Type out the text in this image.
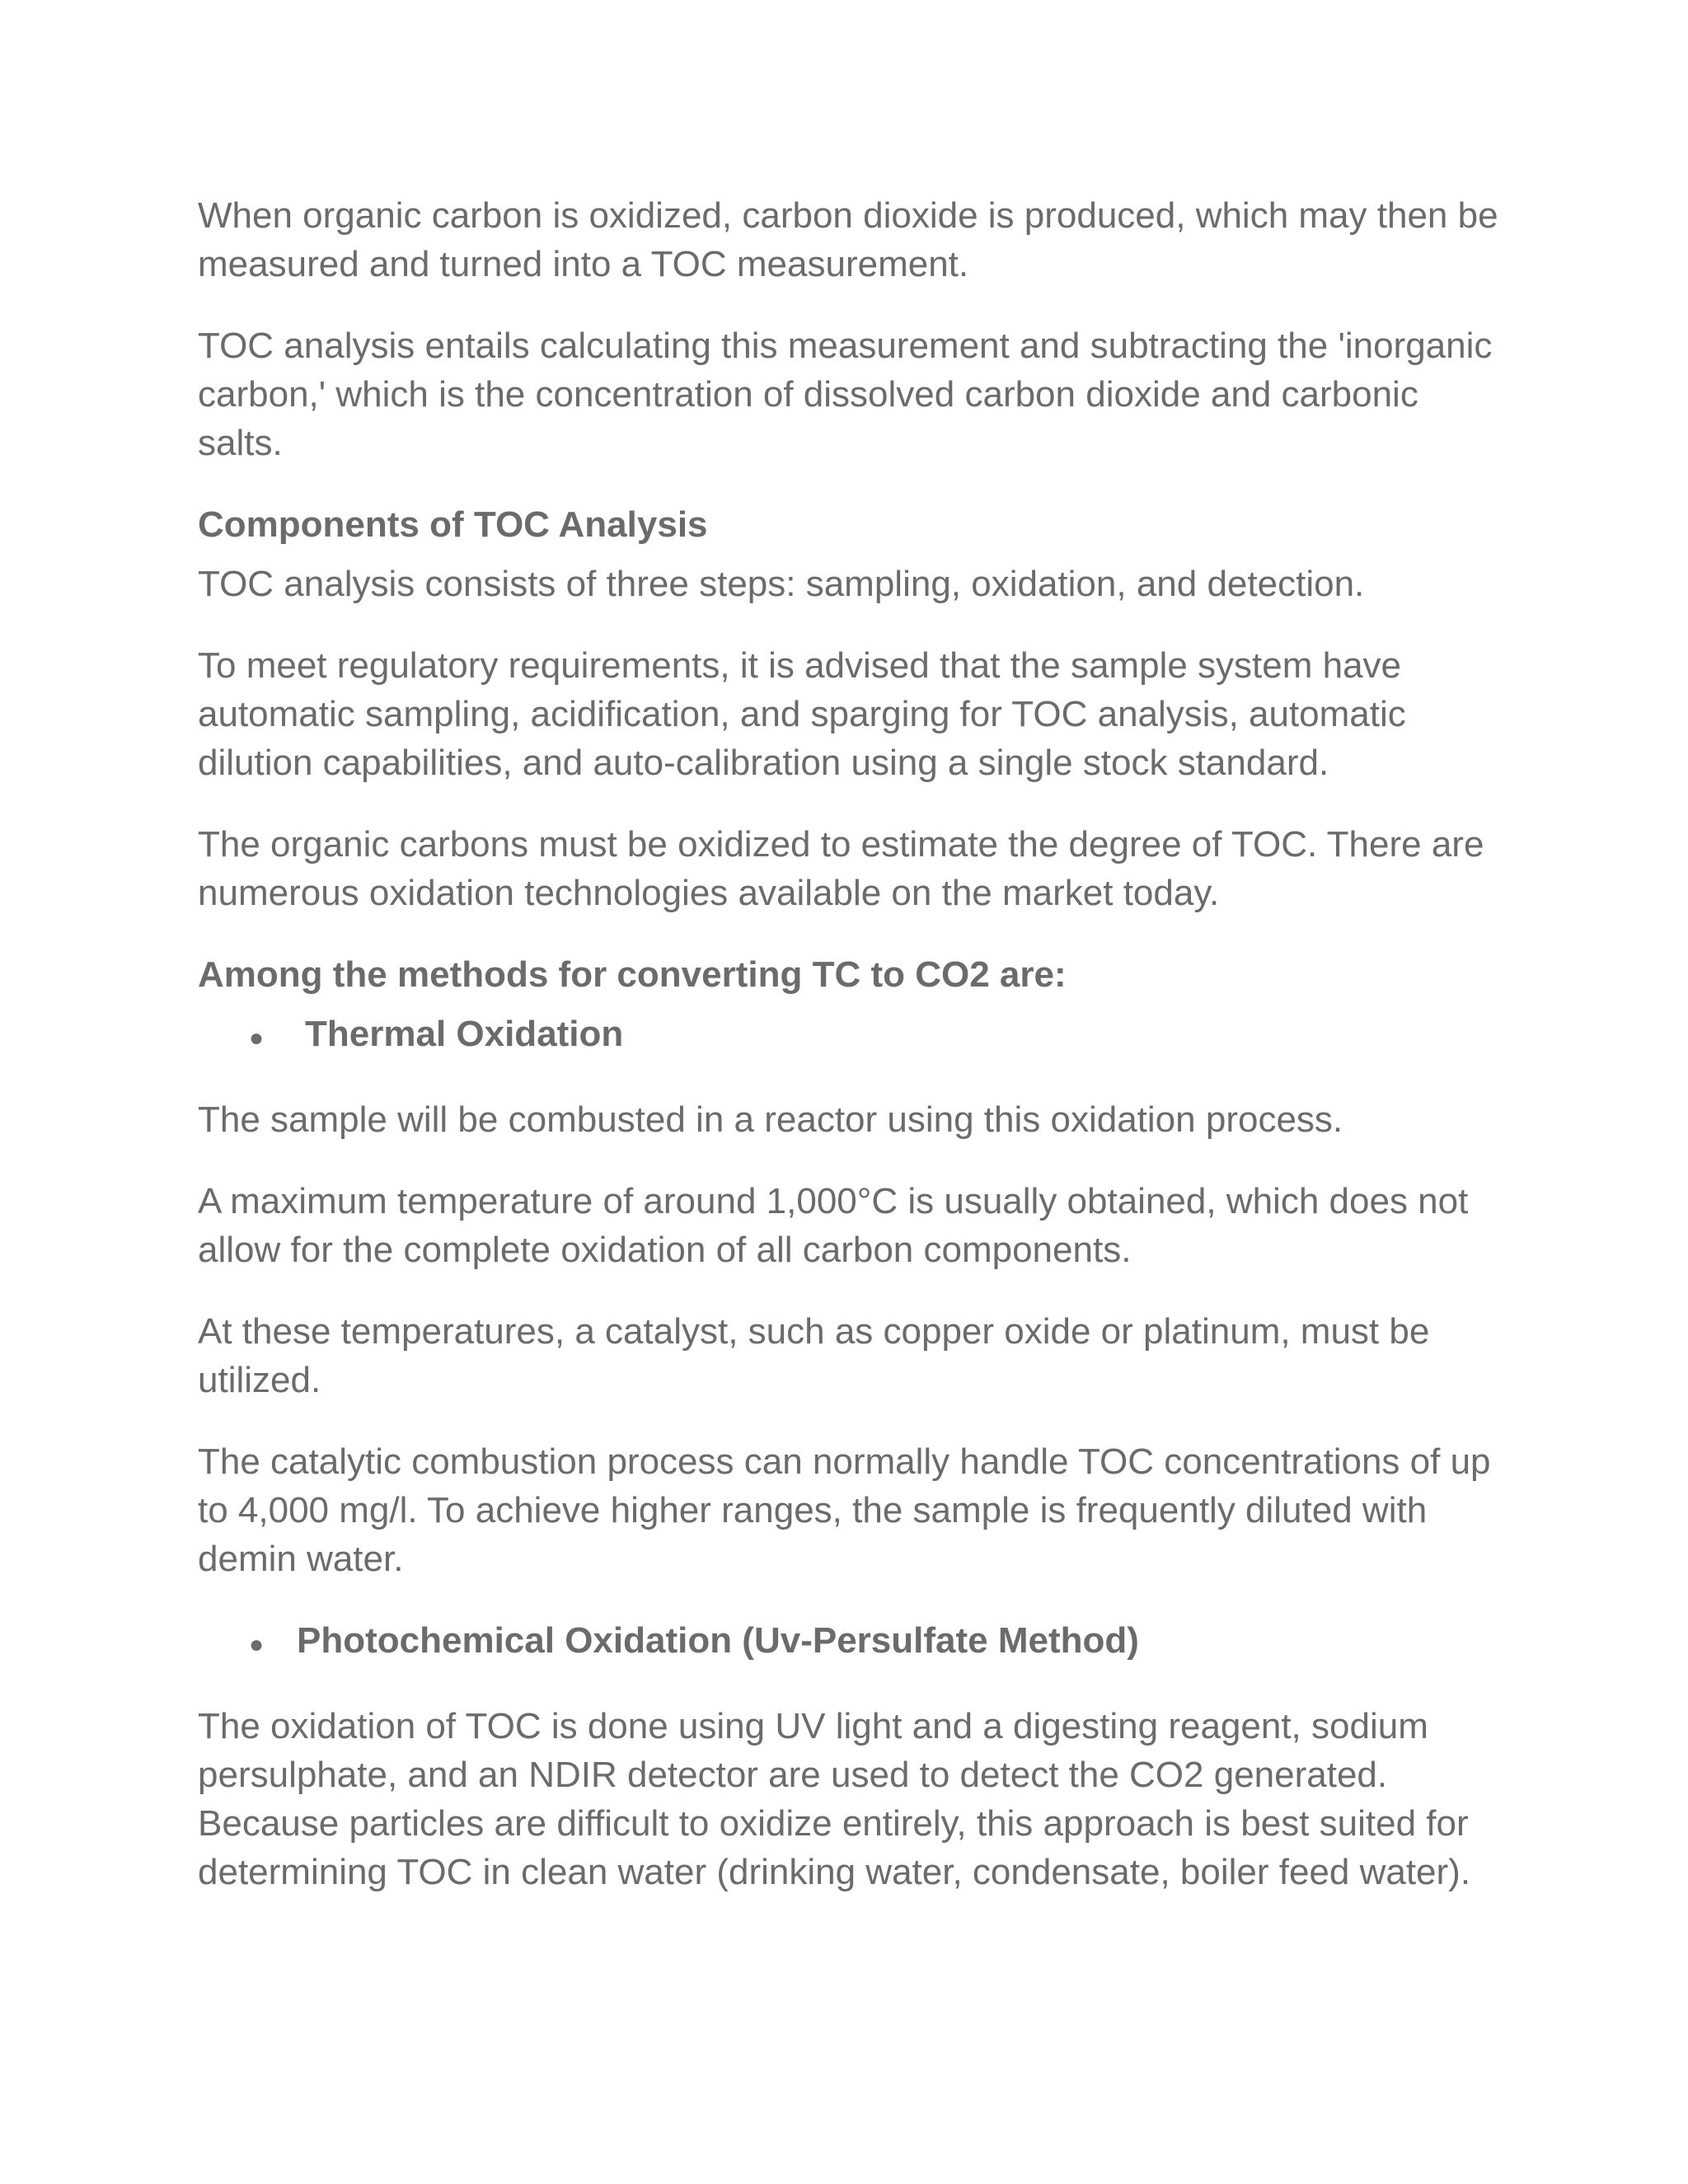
When organic carbon is oxidized, carbon dioxide is produced, which may then be measured and turned into a TOC measurement.

TOC analysis entails calculating this measurement and subtracting the 'inorganic carbon,' which is the concentration of dissolved carbon dioxide and carbonic salts.

Components of TOC Analysis

TOC analysis consists of three steps: sampling, oxidation, and detection.

To meet regulatory requirements, it is advised that the sample system have automatic sampling, acidification, and sparging for TOC analysis, automatic dilution capabilities, and auto-calibration using a single stock standard.

The organic carbons must be oxidized to estimate the degree of TOC. There are numerous oxidation technologies available on the market today.

Among the methods for converting TC to CO2 are:
● Thermal Oxidation

The sample will be combusted in a reactor using this oxidation process.

A maximum temperature of around 1,000°C is usually obtained, which does not allow for the complete oxidation of all carbon components.

At these temperatures, a catalyst, such as copper oxide or platinum, must be utilized.

The catalytic combustion process can normally handle TOC concentrations of up to 4,000 mg/l. To achieve higher ranges, the sample is frequently diluted with demin water.

● Photochemical Oxidation (Uv-Persulfate Method)

The oxidation of TOC is done using UV light and a digesting reagent, sodium persulphate, and an NDIR detector are used to detect the CO2 generated. Because particles are difficult to oxidize entirely, this approach is best suited for determining TOC in clean water (drinking water, condensate, boiler feed water).
